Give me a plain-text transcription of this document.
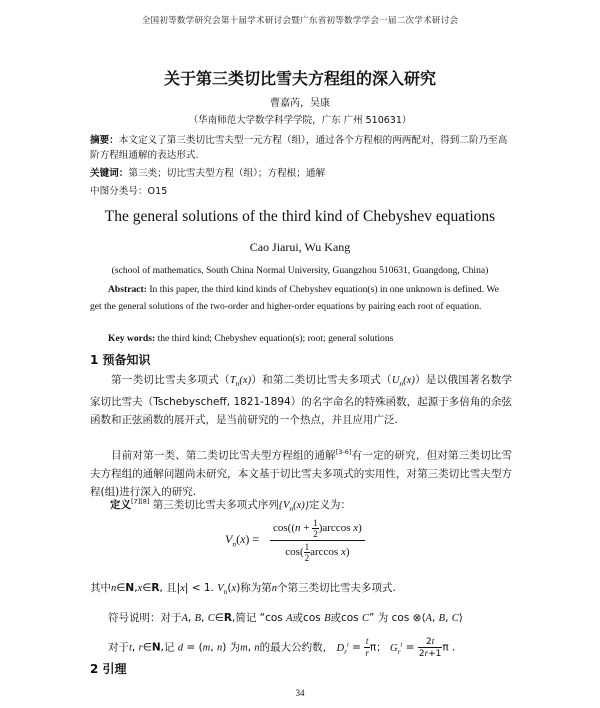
全国初等数学研究会第十届学术研讨会暨广东省初等数学学会一届二次学术研讨会
关于第三类切比雪夫方程组的深入研究
曹嘉芮，吴康
（华南师范大学数学科学学院，广东 广州 510631）
摘要：本文定义了第三类切比雪夫型一元方程（组），通过各个方程根的两两配对，得到二阶乃至高阶方程组通解的表达形式.
关键词：第三类；切比雪夫型方程（组）；方程根；通解
中图分类号：O15
The general solutions of the third kind of Chebyshev equations
Cao Jiarui, Wu Kang
(school of mathematics, South China Normal University, Guangzhou 510631, Guangdong, China)
Abstract: In this paper, the third kind kinds of Chebyshev equation(s) in one unknown is defined. We get the general solutions of the two-order and higher-order equations by pairing each root of equation.
Key words: the third kind; Chebyshev equation(s); root; general solutions
1 预备知识
第一类切比雪夫多项式$(T_n(x))$和第二类切比雪夫多项式$(U_n(x))$是以俄国著名数学家切比雪夫（Tschebyscheff, 1821-1894）的名字命名的特殊函数，起源于多倍角的余弦函数和正弦函数的展开式，是当前研究的一个热点，并且应用广泛.
目前对第一类、第二类切比雪夫型方程组的通解[3-6]有一定的研究，但对第三类切比雪夫方程组的通解问题尚未研究，本文基于切比雪夫多项式的实用性，对第三类切比雪夫型方程(组)进行深入的研究.
定义[7][8] 第三类切比雪夫多项式序列$\{V_n(x)\}$定义为：
$V_n(x) = \frac{\cos((n + \frac{1}{2} )\arccos x)}{\cos( \frac{1}{2} \arccos x)}$
其中n∈N,x∈R, 且|x| < 1. $V_n(x)$称为第n个第三类切比雪夫多项式.
符号说明：对于A, B, C∈R,简记 “cos A或cos B或cos C” 为 cos ⊗⟨A, B, C⟩
对于t, r∈N,记 d = (m, n) 为m, n的最大公约数， $D_r^t = \frac{t}{r}$ π； $G_r^t = \frac{2t}{2r+1}$ π .
2 引理
34
